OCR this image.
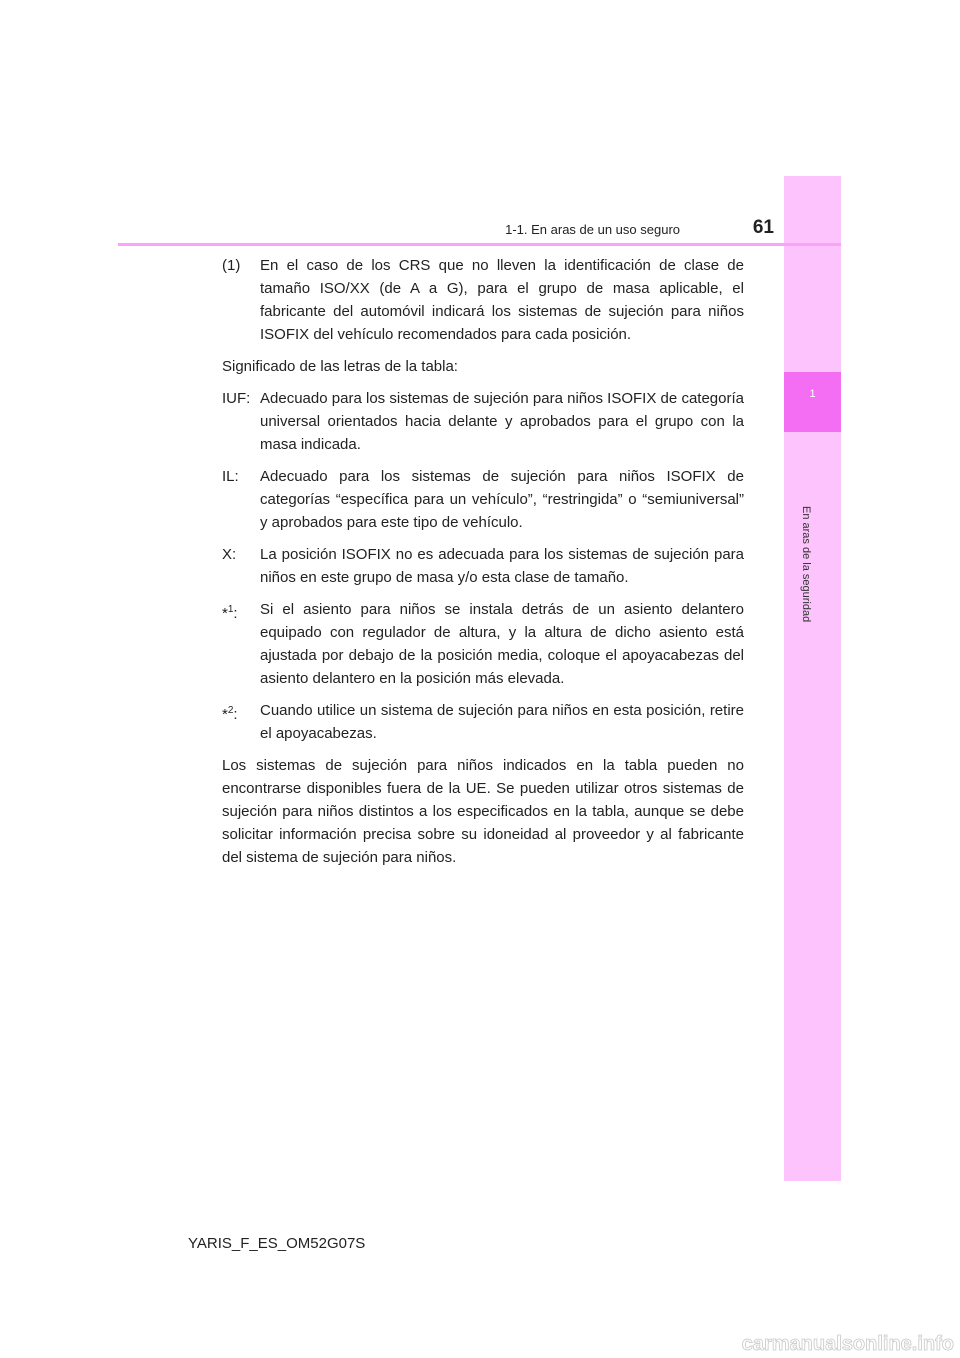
1
En aras de la seguridad
1-1. En aras de un uso seguro	61
(1)	En el caso de los CRS que no lleven la identificación de clase de tamaño ISO/XX (de A a G), para el grupo de masa aplicable, el fabricante del automóvil indicará los sistemas de sujeción para niños ISOFIX del vehículo recomendados para cada posición.
Significado de las letras de la tabla:
IUF: Adecuado para los sistemas de sujeción para niños ISOFIX de categoría universal orientados hacia delante y aprobados para el grupo con la masa indicada.
IL:	Adecuado para los sistemas de sujeción para niños ISOFIX de categorías “específica para un vehículo”, “restringida” o “semiuniversal” y aprobados para este tipo de vehículo.
X:	La posición ISOFIX no es adecuada para los sistemas de sujeción para niños en este grupo de masa y/o esta clase de tamaño.
*$^1$:	Si el asiento para niños se instala detrás de un asiento delantero equipado con regulador de altura, y la altura de dicho asiento está ajustada por debajo de la posición media, coloque el apoyacabezas del asiento delantero en la posición más elevada.
*$^2$:	Cuando utilice un sistema de sujeción para niños en esta posición, retire el apoyacabezas.
Los sistemas de sujeción para niños indicados en la tabla pueden no encontrarse disponibles fuera de la UE. Se pueden utilizar otros sistemas de sujeción para niños distintos a los especificados en la tabla, aunque se debe solicitar información precisa sobre su idoneidad al proveedor y al fabricante del sistema de sujeción para niños.
YARIS_F_ES_OM52G07S
carmanualsonline.info
